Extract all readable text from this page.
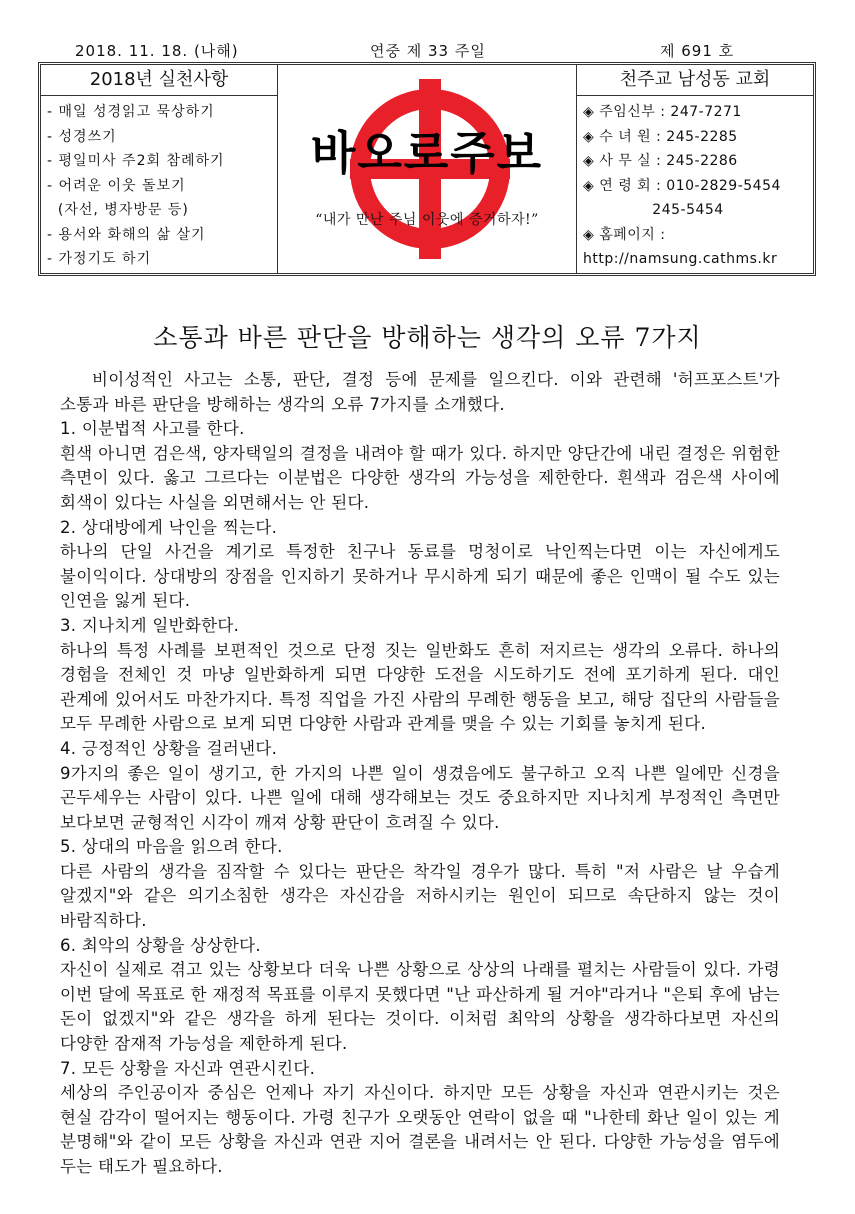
2018. 11. 18. (나해)	연중 제 33 주일	제 691 호
2018년 실천사항
- 매일 성경읽고 묵상하기
- 성경쓰기
- 평일미사 주2회 참례하기
- 어려운 이웃 돌보기
(자선, 병자방문 등)
- 용서와 화해의 삶 살기
- 가정기도 하기
바오로주보
“내가 만난 주님 이웃에 증거하자!”
천주교 남성동 교회
◈ 주임신부 : 247-7271
◈ 수 녀 원 : 245-2285
◈ 사 무 실 : 245-2286
◈ 연 령 회 : 010-2829-5454
245-5454
◈ 홈페이지 :
http://namsung.cathms.kr
소통과 바른 판단을 방해하는 생각의 오류 7가지

비이성적인 사고는 소통, 판단, 결정 등에 문제를 일으킨다. 이와 관련해 '허프포스트'가 소통과 바른 판단을 방해하는 생각의 오류 7가지를 소개했다.

1. 이분법적 사고를 한다.

흰색 아니면 검은색, 양자택일의 결정을 내려야 할 때가 있다. 하지만 양단간에 내린 결정은 위험한 측면이 있다. 옳고 그르다는 이분법은 다양한 생각의 가능성을 제한한다. 흰색과 검은색 사이에 회색이 있다는 사실을 외면해서는 안 된다.

2. 상대방에게 낙인을 찍는다.

하나의 단일 사건을 계기로 특정한 친구나 동료를 멍청이로 낙인찍는다면 이는 자신에게도 불이익이다. 상대방의 장점을 인지하기 못하거나 무시하게 되기 때문에 좋은 인맥이 될 수도 있는 인연을 잃게 된다.

3. 지나치게 일반화한다.

하나의 특정 사례를 보편적인 것으로 단정 짓는 일반화도 흔히 저지르는 생각의 오류다. 하나의 경험을 전체인 것 마냥 일반화하게 되면 다양한 도전을 시도하기도 전에 포기하게 된다. 대인 관계에 있어서도 마찬가지다. 특정 직업을 가진 사람의 무례한 행동을 보고, 해당 집단의 사람들을 모두 무례한 사람으로 보게 되면 다양한 사람과 관계를 맺을 수 있는 기회를 놓치게 된다.

4. 긍정적인 상황을 걸러낸다.

9가지의 좋은 일이 생기고, 한 가지의 나쁜 일이 생겼음에도 불구하고 오직 나쁜 일에만 신경을 곤두세우는 사람이 있다. 나쁜 일에 대해 생각해보는 것도 중요하지만 지나치게 부정적인 측면만 보다보면 균형적인 시각이 깨져 상황 판단이 흐려질 수 있다.

5. 상대의 마음을 읽으려 한다.

다른 사람의 생각을 짐작할 수 있다는 판단은 착각일 경우가 많다. 특히 "저 사람은 날 우습게 알겠지"와 같은 의기소침한 생각은 자신감을 저하시키는 원인이 되므로 속단하지 않는 것이 바람직하다.

6. 최악의 상황을 상상한다.

자신이 실제로 겪고 있는 상황보다 더욱 나쁜 상황으로 상상의 나래를 펼치는 사람들이 있다. 가령 이번 달에 목표로 한 재정적 목표를 이루지 못했다면 "난 파산하게 될 거야"라거나 "은퇴 후에 남는 돈이 없겠지"와 같은 생각을 하게 된다는 것이다. 이처럼 최악의 상황을 생각하다보면 자신의 다양한 잠재적 가능성을 제한하게 된다.

7. 모든 상황을 자신과 연관시킨다.

세상의 주인공이자 중심은 언제나 자기 자신이다. 하지만 모든 상황을 자신과 연관시키는 것은 현실 감각이 떨어지는 행동이다. 가령 친구가 오랫동안 연락이 없을 때 "나한테 화난 일이 있는 게 분명해"와 같이 모든 상황을 자신과 연관 지어 결론을 내려서는 안 된다. 다양한 가능성을 염두에 두는 태도가 필요하다.
